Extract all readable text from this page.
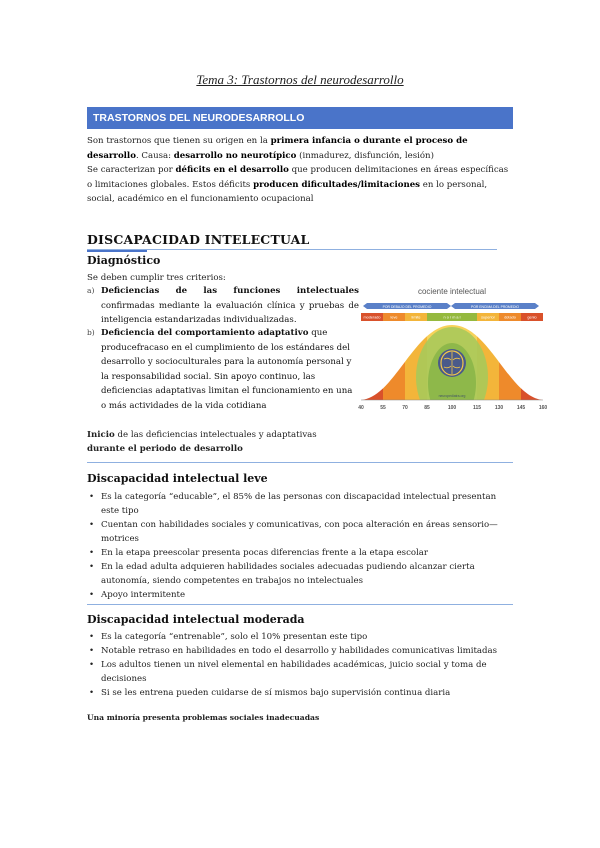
Tema 3: Trastornos del neurodesarrollo
TRASTORNOS DEL NEURODESARROLLO
Son trastornos que tienen su origen en la primera infancia o durante el proceso de desarrollo. Causa: desarrollo no neurotípico (inmadurez, disfunción, lesión)
Se caracterizan por déficits en el desarrollo que producen delimitaciones en áreas específicas o limitaciones globales. Estos déficits producen dificultades/limitaciones en lo personal, social, académico en el funcionamiento ocupacional
DISCAPACIDAD INTELECTUAL
Diagnóstico
Se deben cumplir tres criterios:
a) Deficiencias de las funciones intelectuales confirmadas mediante la evaluación clínica y pruebas de inteligencia estandarizadas individualizadas.
b) Deficiencia del comportamiento adaptativo que producefracaso en el cumplimiento de los estándares del desarrollo y socioculturales para la autonomía personal y la responsabilidad social. Sin apoyo continuo, las deficiencias adaptativas limitan el funcionamiento en una o más actividades de la vida cotidiana
Inicio de las deficiencias intelectuales y adaptativas
durante el periodo de desarrollo
cociente intelectual
POR DEBAJO DEL PROMEDIO	POR ENCIMA DEL PROMEDIO
moderado	leve	límite	n o r m a l	superior dotado	genio
neuropediatra.org
40	55	70	85	100	115	130	145	160
Discapacidad intelectual leve
• Es la categoría “educable”, el 85% de las personas con discapacidad intelectual presentan este tipo
• Cuentan con habilidades sociales y comunicativas, con poca alteración en áreas sensorio—motrices
• En la etapa preescolar presenta pocas diferencias frente a la etapa escolar
• En la edad adulta adquieren habilidades sociales adecuadas pudiendo alcanzar cierta autonomía, siendo competentes en trabajos no intelectuales
• Apoyo intermitente
Discapacidad intelectual moderada
• Es la categoría “entrenable”, solo el 10% presentan este tipo
• Notable retraso en habilidades en todo el desarrollo y habilidades comunicativas limitadas
• Los adultos tienen un nivel elemental en habilidades académicas, juicio social y toma de decisiones
• Si se les entrena pueden cuidarse de sí mismos bajo supervisión continua diaria
Una minoría presenta problemas sociales inadecuadas
